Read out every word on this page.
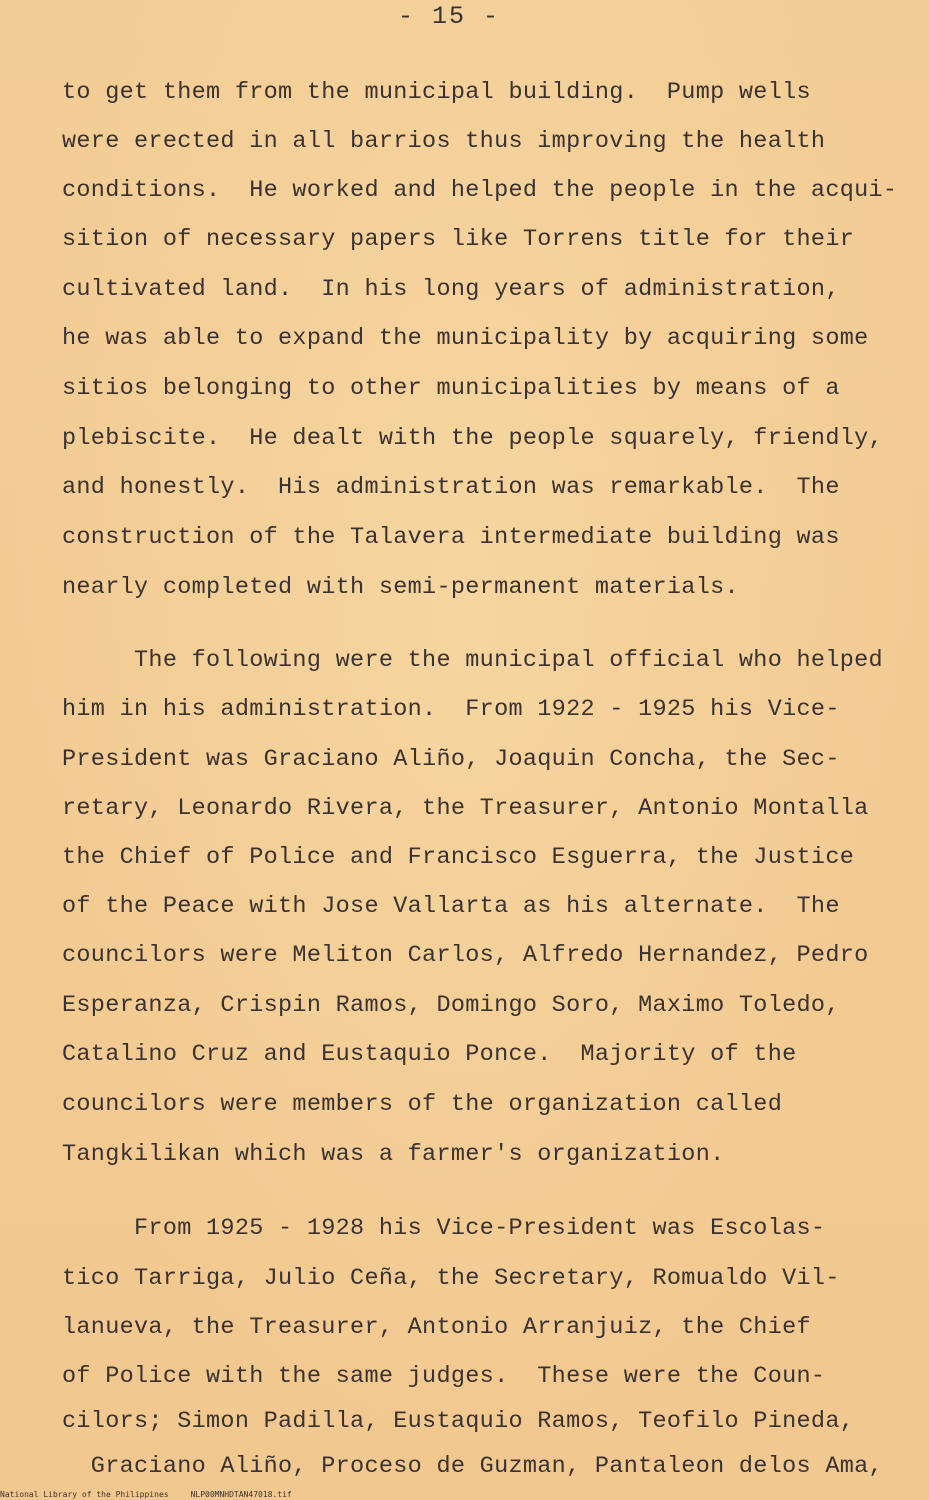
- 15 -
to get them from the municipal building.  Pump wells
were erected in all barrios thus improving the health
conditions.  He worked and helped the people in the acqui-
sition of necessary papers like Torrens title for their
cultivated land.  In his long years of administration,
he was able to expand the municipality by acquiring some
sitios belonging to other municipalities by means of a
plebiscite.  He dealt with the people squarely, friendly,
and honestly.  His administration was remarkable.  The
construction of the Talavera intermediate building was
nearly completed with semi-permanent materials.
The following were the municipal official who helped
him in his administration.  From 1922 - 1925 his Vice-
President was Graciano Aliño, Joaquin Concha, the Sec-
retary, Leonardo Rivera, the Treasurer, Antonio Montalla
the Chief of Police and Francisco Esguerra, the Justice
of the Peace with Jose Vallarta as his alternate.  The
councilors were Meliton Carlos, Alfredo Hernandez, Pedro
Esperanza, Crispin Ramos, Domingo Soro, Maximo Toledo,
Catalino Cruz and Eustaquio Ponce.  Majority of the
councilors were members of the organization called
Tangkilikan which was a farmer's organization.
From 1925 - 1928 his Vice-President was Escolas-
tico Tarriga, Julio Ceña, the Secretary, Romualdo Vil-
lanueva, the Treasurer, Antonio Arranjuiz, the Chief
of Police with the same judges.  These were the Coun-
cilors; Simon Padilla, Eustaquio Ramos, Teofilo Pineda,
Graciano Aliño, Proceso de Guzman, Pantaleon delos Ama,
National Library of the Philippines	NLP00MNHDTAN47018.tif
